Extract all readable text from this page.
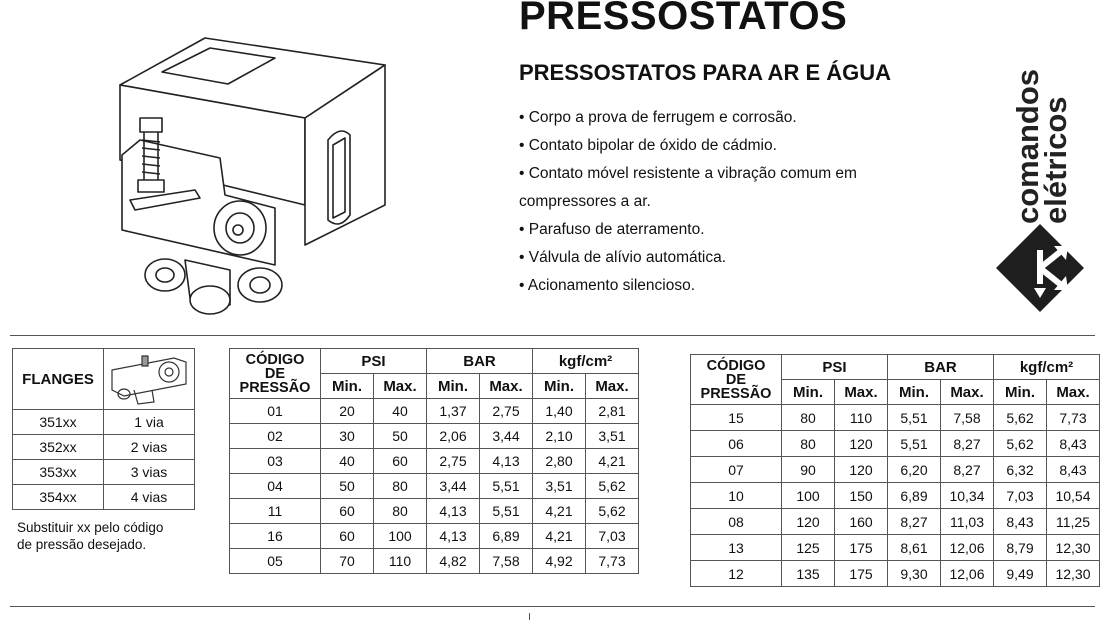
PRESSOSTATOS
PRESSOSTATOS PARA AR E ÁGUA

• Corpo a prova de ferrugem e corrosão.

• Contato bipolar de óxido de cádmio.

• Contato móvel resistente a vibração comum em

compressores a ar.

• Parafuso de aterramento.

• Válvula de alívio automática.

• Acionamento silencioso.

comandos
elétricos
FLANGES	

351xx	1 via
352xx	2 vias
353xx	3 vias
354xx	4 vias
Substituir xx pelo código
de pressão desejado.
CÓDIGO
DE
PRESSÃO	PSI		BAR		kgf/cm²	
	Min.	Max.	Min.	Max.	Min.	Max.
01	20	40	1,37	2,75	1,40	2,81
02	30	50	2,06	3,44	2,10	3,51
03	40	60	2,75	4,13	2,80	4,21
04	50	80	3,44	5,51	3,51	5,62
11	60	80	4,13	5,51	4,21	5,62
16	60	100	4,13	6,89	4,21	7,03
05	70	110	4,82	7,58	4,92	7,73
CÓDIGO
DE
PRESSÃO	PSI		BAR		kgf/cm²	
	Min.	Max.	Min.	Max.	Min.	Max.
15	80	110	5,51	7,58	5,62	7,73
06	80	120	5,51	8,27	5,62	8,43
07	90	120	6,20	8,27	6,32	8,43
10	100	150	6,89	10,34	7,03	10,54
08	120	160	8,27	11,03	8,43	11,25
13	125	175	8,61	12,06	8,79	12,30
12	135	175	9,30	12,06	9,49	12,30
